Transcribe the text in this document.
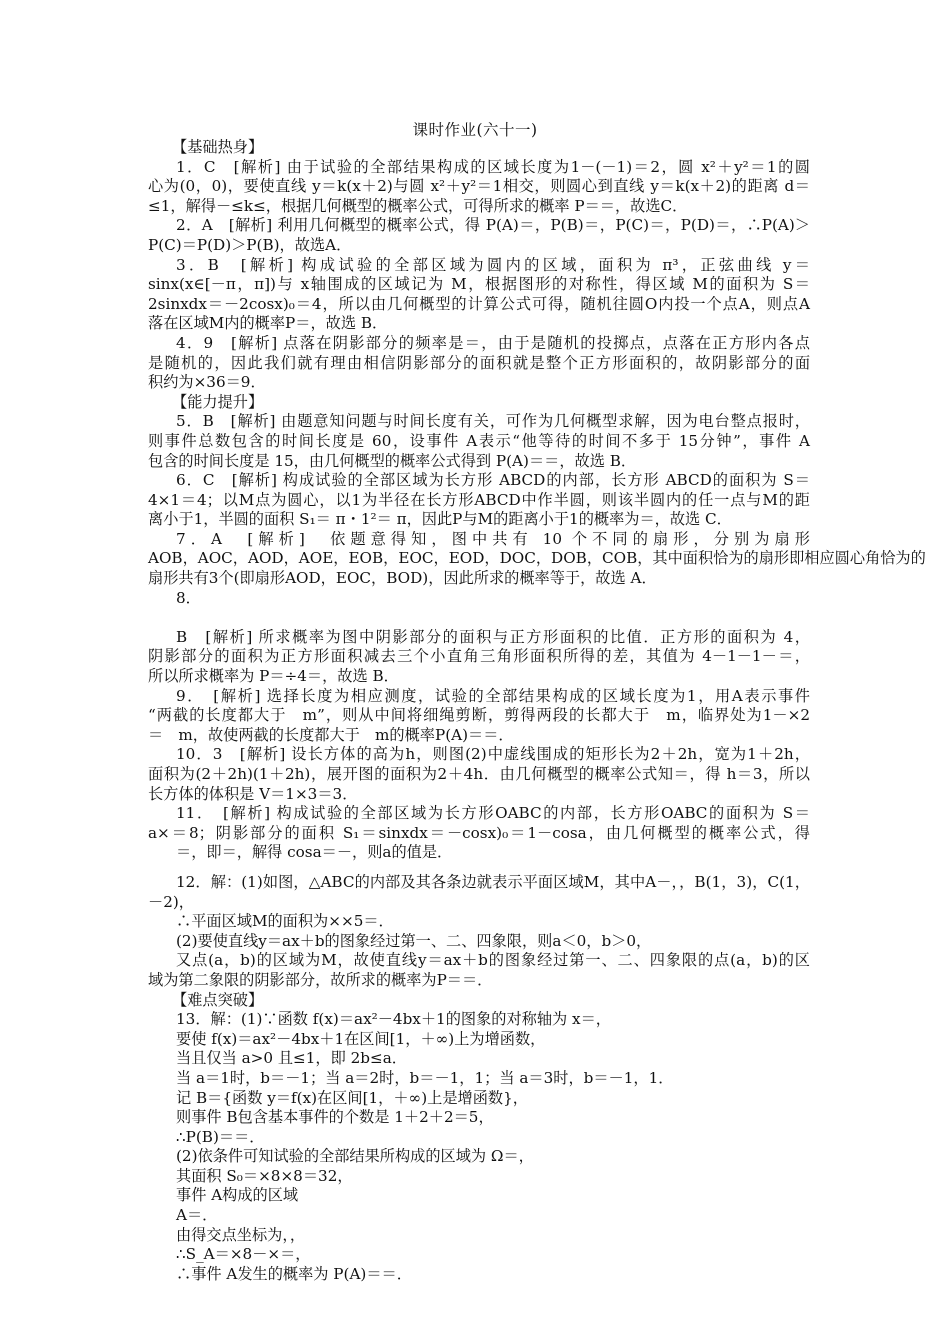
课时作业(六十一)
【基础热身】
1．C　[解析] 由于试验的全部结果构成的区域长度为1－(－1)＝2，圆 x²＋y²＝1的圆
心为(0，0)，要使直线 y＝k(x＋2)与圆 x²＋y²＝1相交，则圆心到直线 y＝k(x＋2)的距离 d＝
≤1，解得－≤k≤，根据几何概型的概率公式，可得所求的概率 P＝＝，故选C．
2．A　[解析] 利用几何概型的概率公式，得 P(A)＝，P(B)＝，P(C)＝，P(D)＝，∴P(A)＞
P(C)＝P(D)＞P(B)，故选A．
3．B　[解析] 构成试验的全部区域为圆内的区域，面积为 π³，正弦曲线 y＝
sinx(x∈[－π，π])与 x轴围成的区域记为 M，根据图形的对称性，得区域 M的面积为 S＝
2sinxdx＝－2cosx)₀＝4，所以由几何概型的计算公式可得，随机往圆O内投一个点A，则点A
落在区域M内的概率P＝，故选 B．
4．9　[解析] 点落在阴影部分的频率是＝，由于是随机的投掷点，点落在正方形内各点
是随机的，因此我们就有理由相信阴影部分的面积就是整个正方形面积的，故阴影部分的面
积约为×36＝9．
【能力提升】
5．B　[解析] 由题意知问题与时间长度有关，可作为几何概型求解，因为电台整点报时，
则事件总数包含的时间长度是 60，设事件 A表示“他等待的时间不多于 15分钟”，事件 A
包含的时间长度是 15，由几何概型的概率公式得到 P(A)＝＝，故选 B．
6．C　[解析] 构成试验的全部区域为长方形 ABCD的内部，长方形 ABCD的面积为 S＝
4×1＝4；以M点为圆心，以1为半径在长方形ABCD中作半圆，则该半圆内的任一点与M的距
离小于1，半圆的面积 S₁＝ π・1²＝ π，因此P与M的距离小于1的概率为＝，故选 C．
7．A　[解析]　依题意得知，图中共有 10 个不同的扇形，分别为扇形
AOB，AOC，AOD，AOE，EOB，EOC，EOD，DOC，DOB，COB，其中面积恰为的扇形即相应圆心角恰为的
扇形共有3个(即扇形AOD，EOC，BOD)，因此所求的概率等于，故选 A．
8．
B　[解析] 所求概率为图中阴影部分的面积与正方形面积的比值．正方形的面积为 4，
阴影部分的面积为正方形面积减去三个小直角三角形面积所得的差，其值为 4－1－1－＝，
所以所求概率为 P＝÷4＝，故选 B．
9．　[解析] 选择长度为相应测度，试验的全部结果构成的区域长度为1，用A表示事件
“两截的长度都大于　m”，则从中间将细绳剪断，剪得两段的长都大于　m，临界处为1－×2
＝　m，故使两截的长度都大于　m的概率P(A)＝＝．
10．3　[解析] 设长方体的高为h，则图(2)中虚线围成的矩形长为2＋2h，宽为1＋2h，
面积为(2＋2h)(1＋2h)，展开图的面积为2＋4h．由几何概型的概率公式知＝，得 h＝3，所以
长方体的体积是 V＝1×3＝3．
11．　[解析] 构成试验的全部区域为长方形OABC的内部，长方形OABC的面积为 S＝
a×＝8；阴影部分的面积 S₁＝sinxdx＝－cosx)₀＝1－cosa，由几何概型的概率公式，得
＝，即＝，解得 cosa＝－，则a的值是．
12．解：(1)如图，△ABC的内部及其各条边就表示平面区域M，其中A－，，B(1，3)，C(1，
－2)，
∴平面区域M的面积为××5＝．
(2)要使直线y＝ax＋b的图象经过第一、二、四象限，则a＜0，b＞0，
又点(a，b)的区域为M，故使直线y＝ax＋b的图象经过第一、二、四象限的点(a，b)的区
域为第二象限的阴影部分，故所求的概率为P＝＝．
【难点突破】
13．解：(1)∵函数 f(x)＝ax²－4bx＋1的图象的对称轴为 x＝，
要使 f(x)＝ax²－4bx＋1在区间[1，＋∞)上为增函数，
当且仅当 a>0 且≤1，即 2b≤a．
当 a＝1时，b＝－1；当 a＝2时，b＝－1，1；当 a＝3时，b＝－1，1．
记 B＝{函数 y＝f(x)在区间[1，＋∞)上是增函数}，
则事件 B包含基本事件的个数是 1＋2＋2＝5，
∴P(B)＝＝．
(2)依条件可知试验的全部结果所构成的区域为 Ω＝，
其面积 S₀＝×8×8＝32，
事件 A构成的区域
A＝．
由得交点坐标为，，
∴S_A＝×8－×＝，
∴事件 A发生的概率为 P(A)＝＝．
